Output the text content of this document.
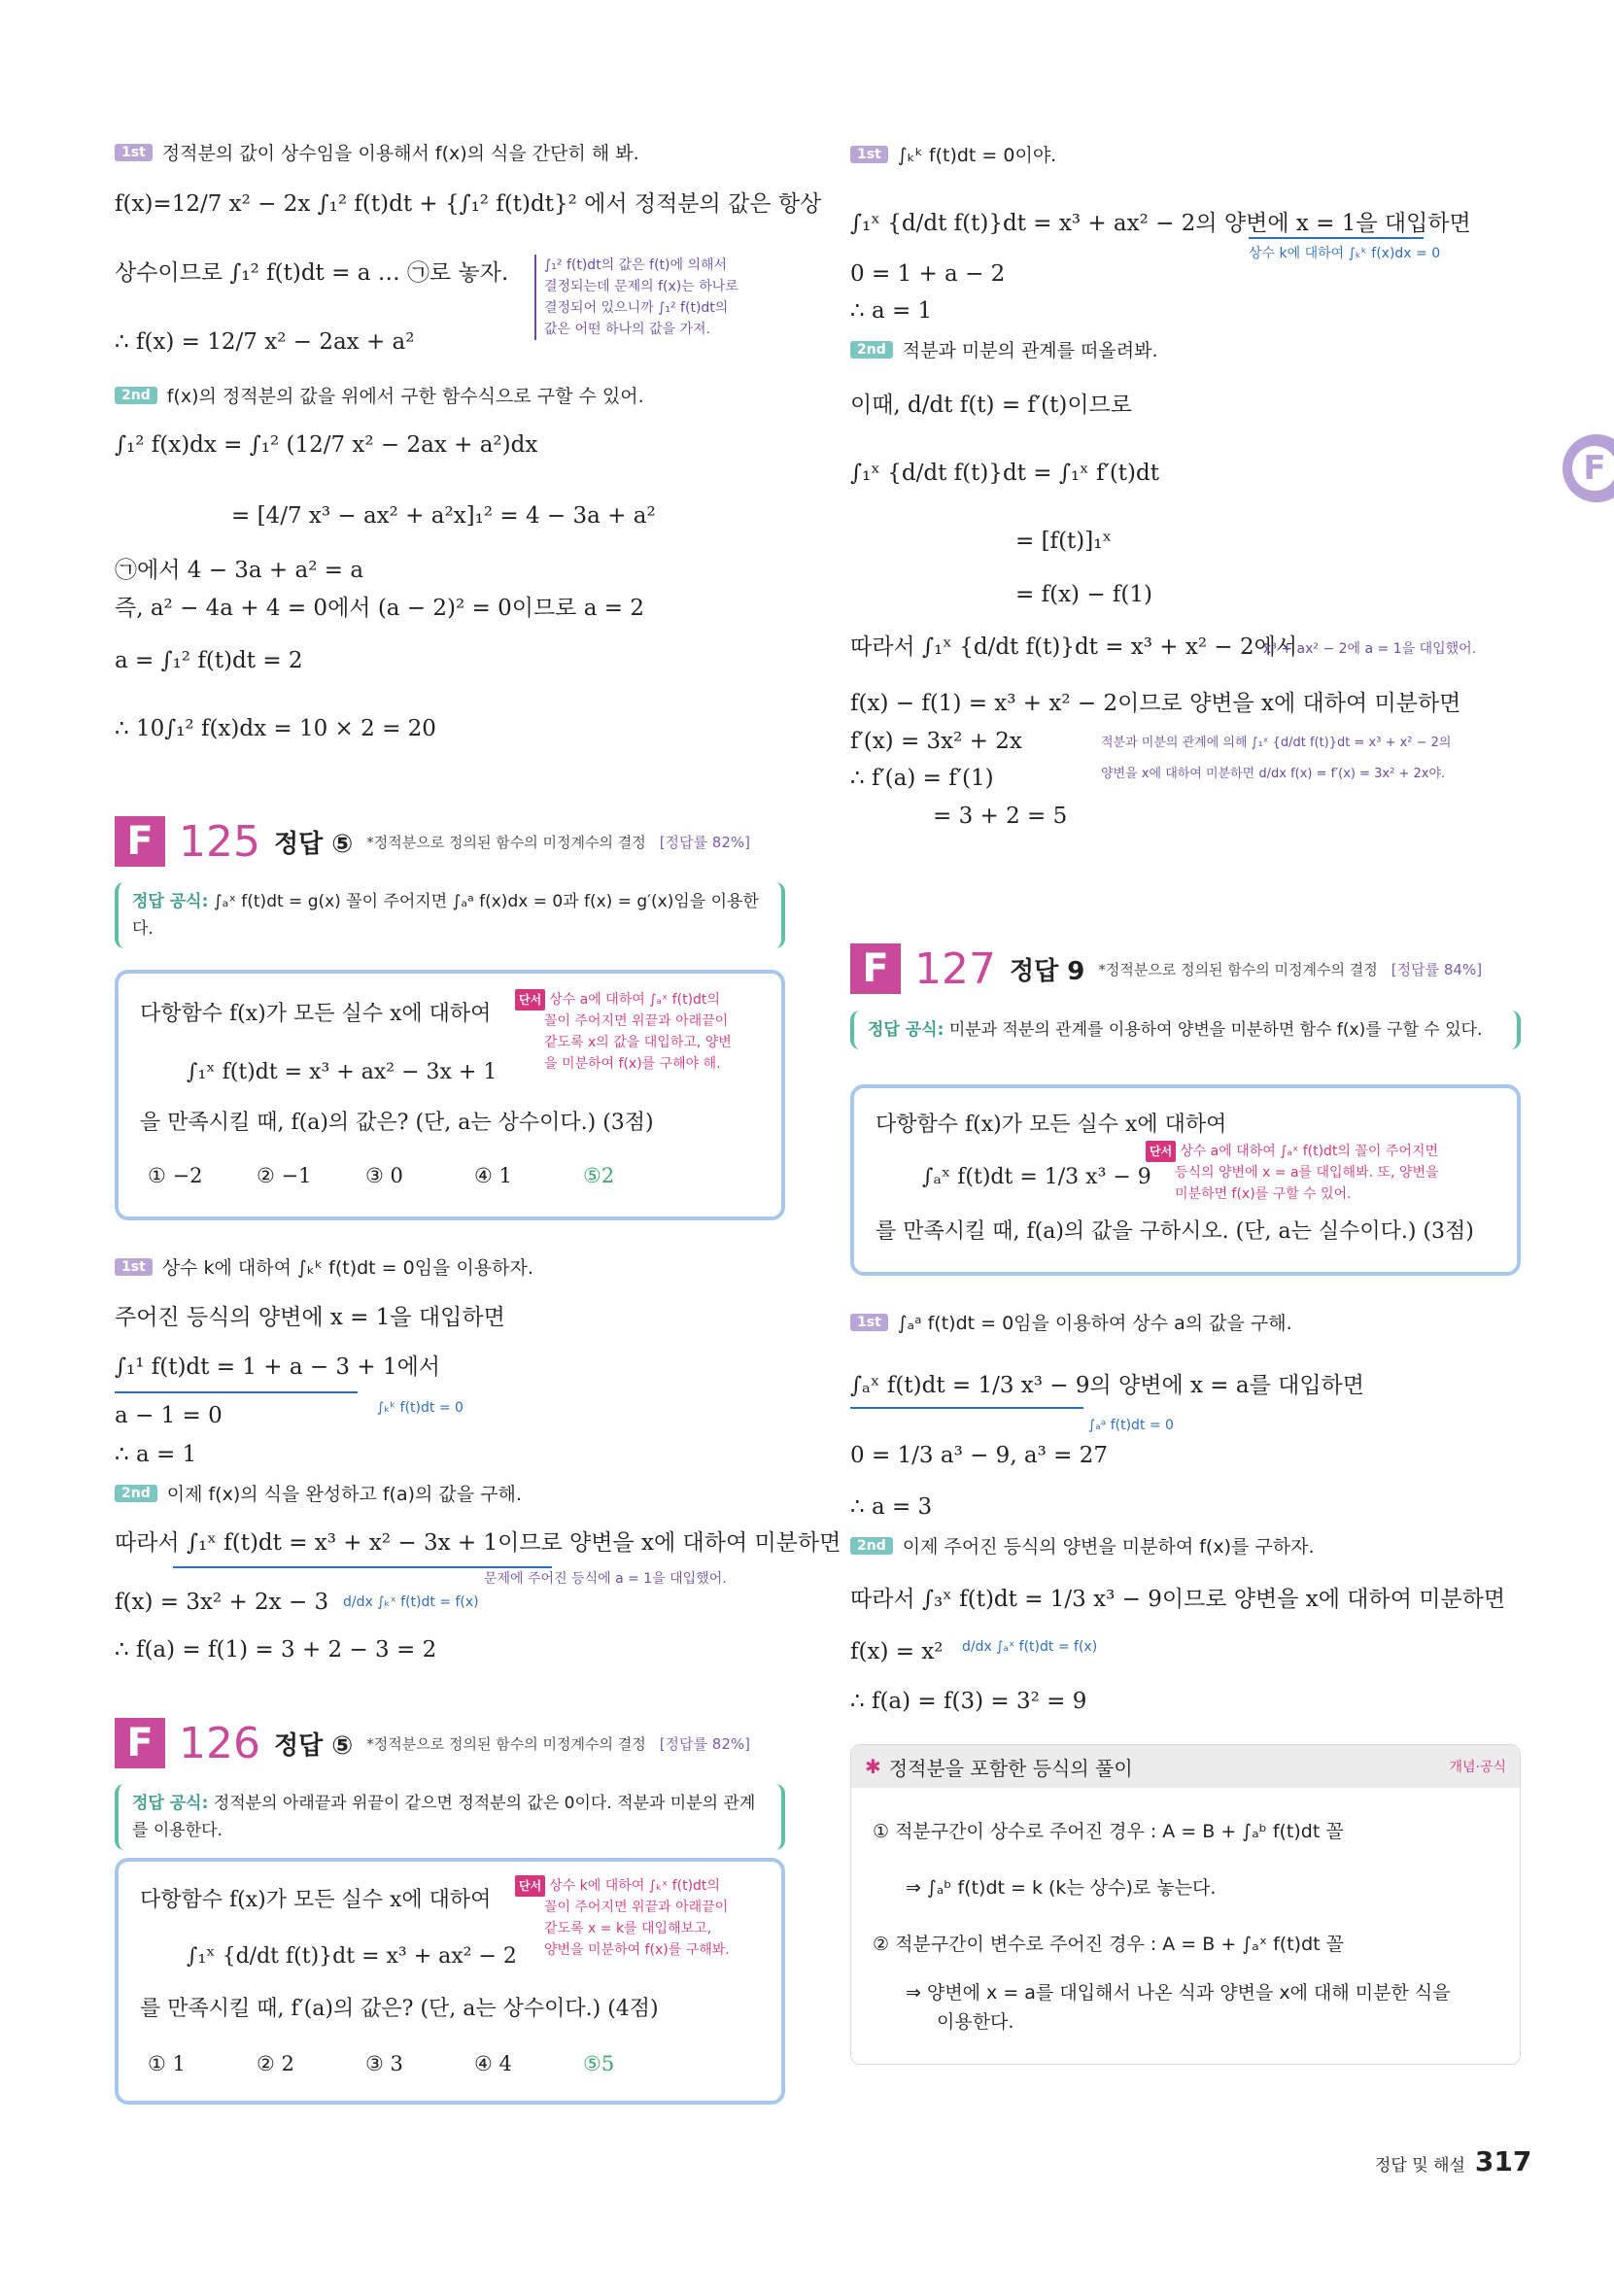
F
1st 정적분의 값이 상수임을 이용해서 f(x)의 식을 간단히 해 봐.
f(x)=12/7 x² − 2x ∫₁² f(t)dt + {∫₁² f(t)dt}² 에서 정적분의 값은 항상
상수이므로 ∫₁² f(t)dt = a … ㉠로 놓자.
∴ f(x) = 12/7 x² − 2ax + a²
∫₁² f(t)dt의 값은 f(t)에 의해서
결정되는데 문제의 f(x)는 하나로
결정되어 있으니까 ∫₁² f(t)dt의
값은 어떤 하나의 값을 가져.
2nd f(x)의 정적분의 값을 위에서 구한 함수식으로 구할 수 있어.
∫₁² f(x)dx = ∫₁² (12/7 x² − 2ax + a²)dx
= [4/7 x³ − ax² + a²x]₁² = 4 − 3a + a²
㉠에서 4 − 3a + a² = a
즉, a² − 4a + 4 = 0에서 (a − 2)² = 0이므로 a = 2
a = ∫₁² f(t)dt = 2
∴ 10∫₁² f(x)dx = 10 × 2 = 20
F 125 정답 ⑤ *정적분으로 정의된 함수의 미정계수의 결정 [정답률 82%]
정답 공식: ∫ₐˣ f(t)dt = g(x) 꼴이 주어지면 ∫ₐᵃ f(x)dx = 0과 f(x) = g′(x)임을 이용한다.
다항함수 f(x)가 모든 실수 x에 대하여
∫₁ˣ f(t)dt = x³ + ax² − 3x + 1
을 만족시킬 때, f(a)의 값은? (단, a는 상수이다.) (3점)
단서 상수 a에 대하여 ∫ₐˣ f(t)dt의
꼴이 주어지면 위끝과 아래끝이
같도록 x의 값을 대입하고, 양변
을 미분하여 f(x)를 구해야 해.
① −2	② −1	③ 0	④ 1	⑤2
1st 상수 k에 대하여 ∫ₖᵏ f(t)dt = 0임을 이용하자.
주어진 등식의 양변에 x = 1을 대입하면
∫₁¹ f(t)dt = 1 + a − 3 + 1에서
a − 1 = 0	∫ₖᵏ f(t)dt = 0
∴ a = 1
2nd 이제 f(x)의 식을 완성하고 f(a)의 값을 구해.
따라서 ∫₁ˣ f(t)dt = x³ + x² − 3x + 1이므로 양변을 x에 대하여 미분하면
문제에 주어진 등식에 a = 1을 대입했어.
f(x) = 3x² + 2x − 3	d/dx ∫ₖˣ f(t)dt = f(x)
∴ f(a) = f(1) = 3 + 2 − 3 = 2
F 126 정답 ⑤ *정적분으로 정의된 함수의 미정계수의 결정 [정답률 82%]
정답 공식: 정적분의 아래끝과 위끝이 같으면 정적분의 값은 0이다. 적분과 미분의 관계를 이용한다.
다항함수 f(x)가 모든 실수 x에 대하여
∫₁ˣ {d/dt f(t)}dt = x³ + ax² − 2
를 만족시킬 때, f′(a)의 값은? (단, a는 상수이다.) (4점)
단서 상수 k에 대하여 ∫ₖˣ f(t)dt의
꼴이 주어지면 위끝과 아래끝이
같도록 x = k를 대입해보고,
양변을 미분하여 f(x)를 구해봐.
① 1	② 2	③ 3	④ 4	⑤5
1st ∫ₖᵏ f(t)dt = 0이야.
∫₁ˣ {d/dt f(t)}dt = x³ + ax² − 2의 양변에 x = 1을 대입하면
상수 k에 대하여 ∫ₖᵏ f(x)dx = 0
0 = 1 + a − 2
∴ a = 1
2nd 적분과 미분의 관계를 떠올려봐.
이때, d/dt f(t) = f′(t)이므로
∫₁ˣ {d/dt f(t)}dt = ∫₁ˣ f′(t)dt
= [f(t)]₁ˣ
= f(x) − f(1)
따라서 ∫₁ˣ {d/dt f(t)}dt = x³ + x² − 2에서
x³ + ax² − 2에 a = 1을 대입했어.
f(x) − f(1) = x³ + x² − 2이므로 양변을 x에 대하여 미분하면
f′(x) = 3x² + 2x
∴ f′(a) = f′(1)
적분과 미분의 관계에 의해 ∫₁ˣ {d/dt f(t)}dt = x³ + x² − 2의
양변을 x에 대하여 미분하면 d/dx f(x) = f′(x) = 3x² + 2x야.
= 3 + 2 = 5
F 127 정답 9 *정적분으로 정의된 함수의 미정계수의 결정 [정답률 84%]
정답 공식: 미분과 적분의 관계를 이용하여 양변을 미분하면 함수 f(x)를 구할 수 있다.
다항함수 f(x)가 모든 실수 x에 대하여
∫ₐˣ f(t)dt = 1/3 x³ − 9
를 만족시킬 때, f(a)의 값을 구하시오. (단, a는 실수이다.) (3점)
단서 상수 a에 대하여 ∫ₐˣ f(t)dt의 꼴이 주어지면
등식의 양변에 x = a를 대입해봐. 또, 양변을
미분하면 f(x)를 구할 수 있어.
1st ∫ₐᵃ f(t)dt = 0임을 이용하여 상수 a의 값을 구해.
∫ₐˣ f(t)dt = 1/3 x³ − 9의 양변에 x = a를 대입하면
∫ₐᵃ f(t)dt = 0
0 = 1/3 a³ − 9, a³ = 27
∴ a = 3
2nd 이제 주어진 등식의 양변을 미분하여 f(x)를 구하자.
따라서 ∫₃ˣ f(t)dt = 1/3 x³ − 9이므로 양변을 x에 대하여 미분하면
f(x) = x²	d/dx ∫ₐˣ f(t)dt = f(x)
∴ f(a) = f(3) = 3² = 9
✱ 정적분을 포함한 등식의 풀이	개념·공식
① 적분구간이 상수로 주어진 경우 : A = B + ∫ₐᵇ f(t)dt 꼴
⇒ ∫ₐᵇ f(t)dt = k (k는 상수)로 놓는다.
② 적분구간이 변수로 주어진 경우 : A = B + ∫ₐˣ f(t)dt 꼴
⇒ 양변에 x = a를 대입해서 나온 식과 양변을 x에 대해 미분한 식을
이용한다.
정답 및 해설 317
